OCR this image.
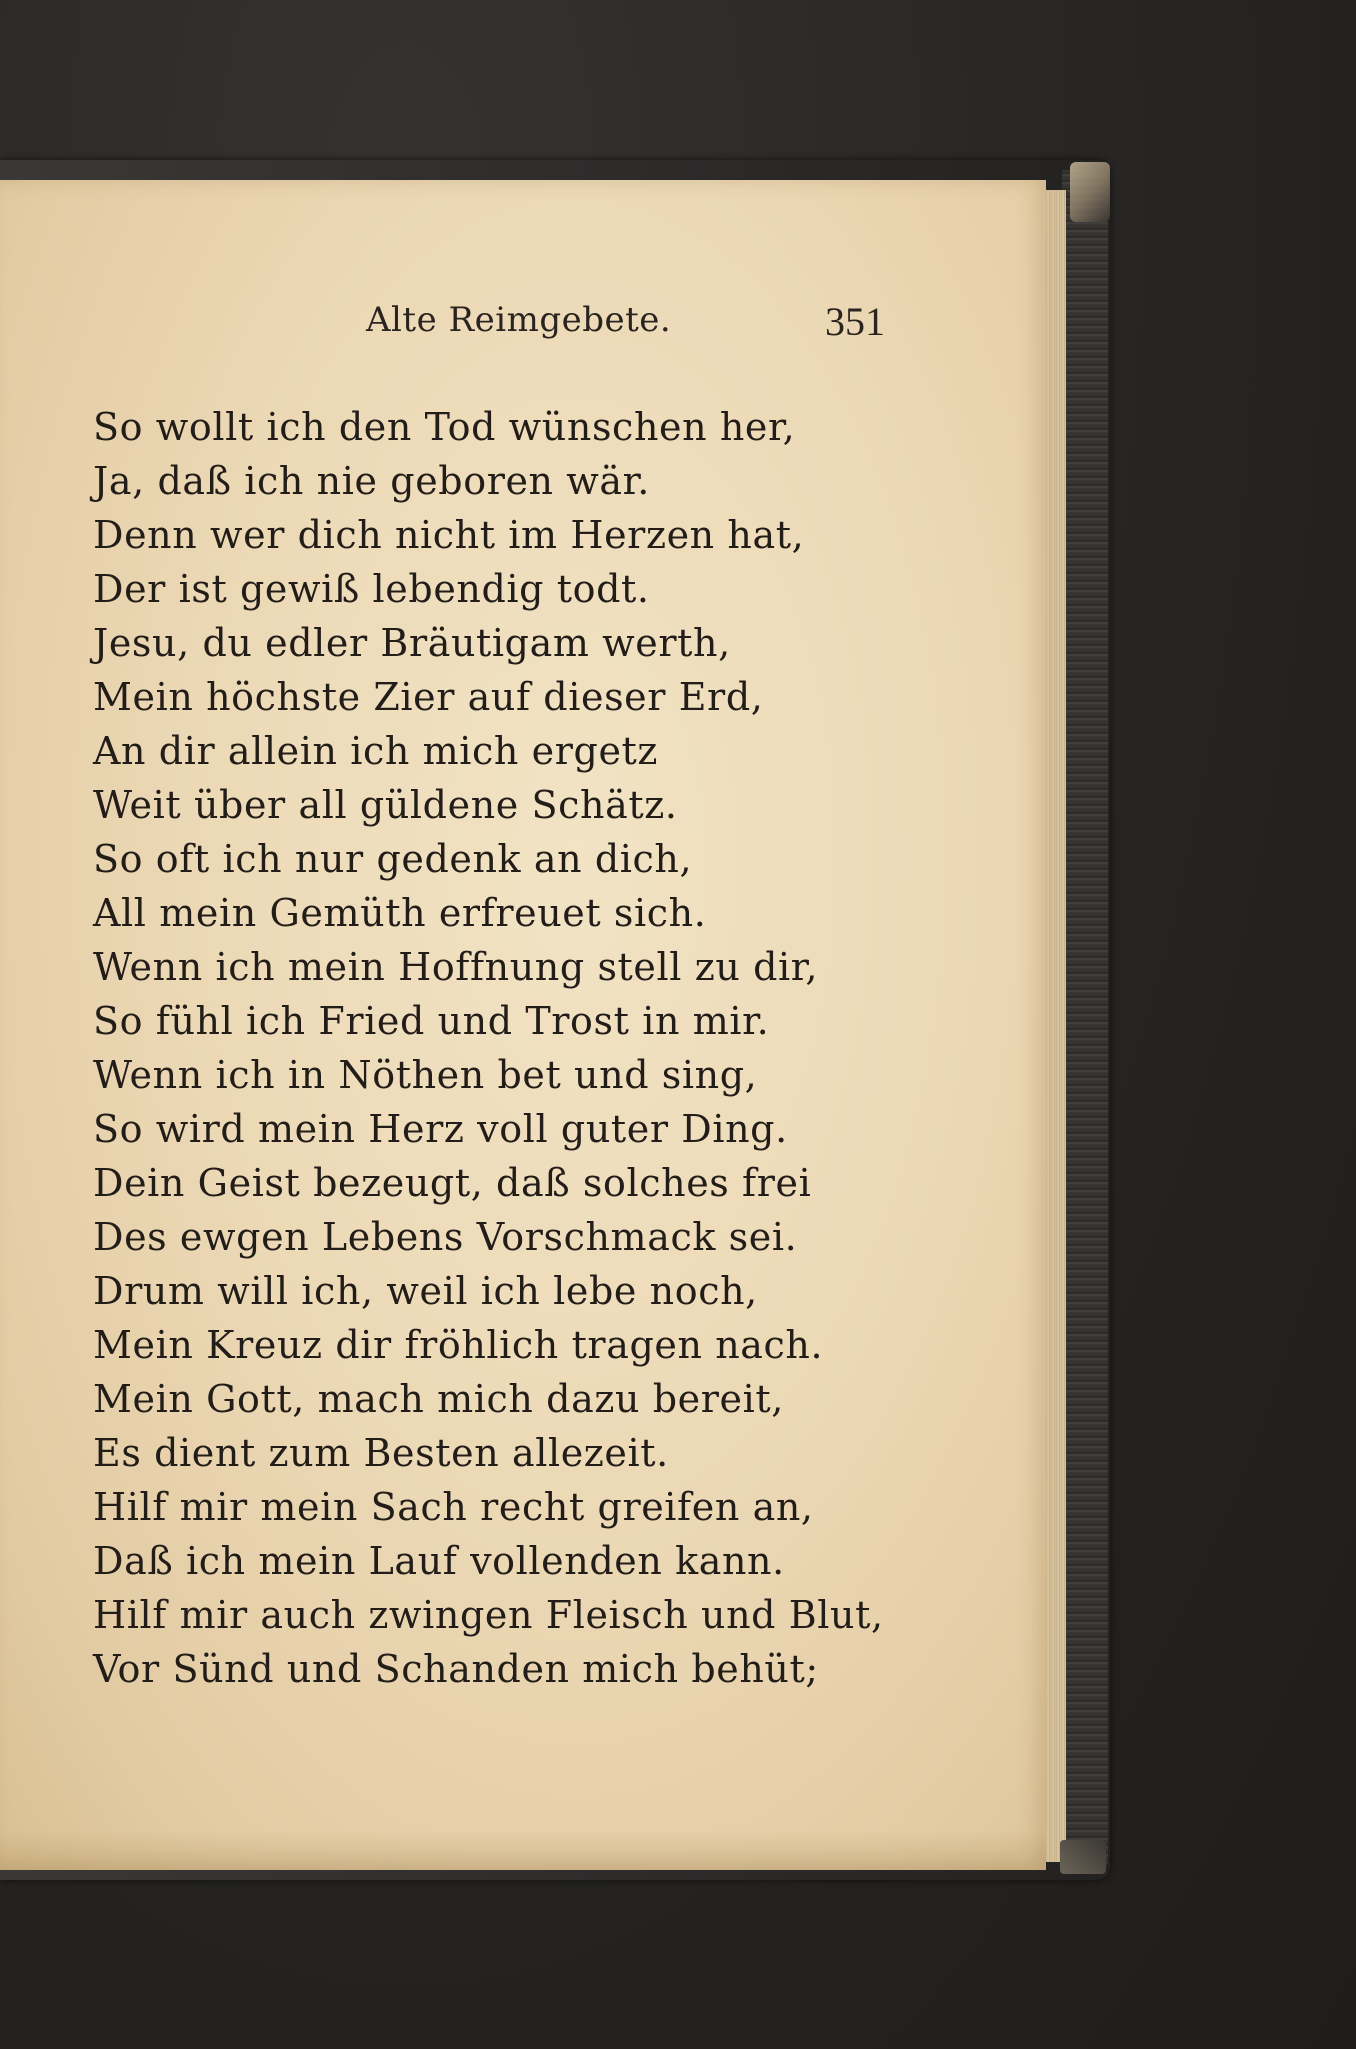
Alte Reimgebete.	351
So wollt ich den Tod wünschen her,
Ja, daß ich nie geboren wär.
Denn wer dich nicht im Herzen hat,
Der ist gewiß lebendig todt.
Jesu, du edler Bräutigam werth,
Mein höchste Zier auf dieser Erd,
An dir allein ich mich ergetz
Weit über all güldene Schätz.
So oft ich nur gedenk an dich,
All mein Gemüth erfreuet sich.
Wenn ich mein Hoffnung stell zu dir,
So fühl ich Fried und Trost in mir.
Wenn ich in Nöthen bet und sing,
So wird mein Herz voll guter Ding.
Dein Geist bezeugt, daß solches frei
Des ewgen Lebens Vorschmack sei.
Drum will ich, weil ich lebe noch,
Mein Kreuz dir fröhlich tragen nach.
Mein Gott, mach mich dazu bereit,
Es dient zum Besten allezeit.
Hilf mir mein Sach recht greifen an,
Daß ich mein Lauf vollenden kann.
Hilf mir auch zwingen Fleisch und Blut,
Vor Sünd und Schanden mich behüt;
